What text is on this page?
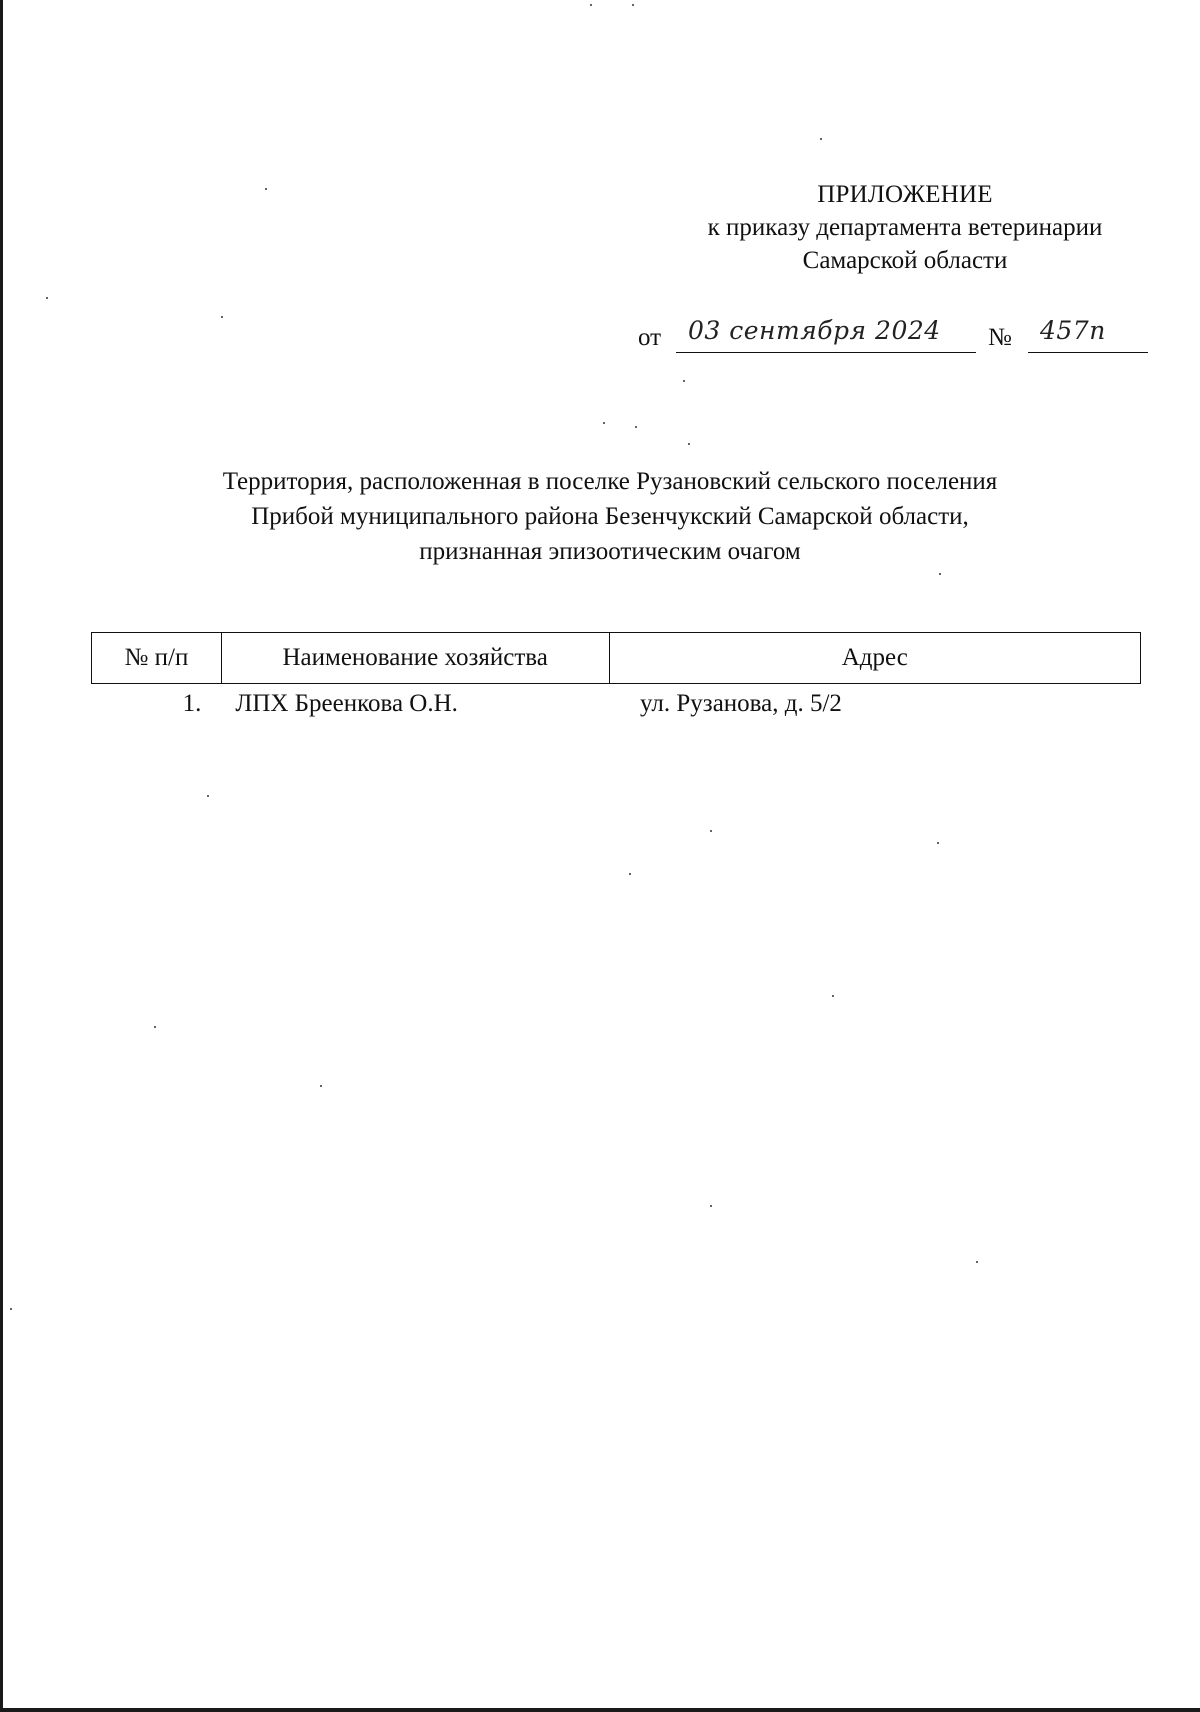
ПРИЛОЖЕНИЕ
к приказу департамента ветеринарии
Самарской области
от 03 сентября 2024 № 457п
Территория, расположенная в поселке Рузановский сельского поселения
Прибой муниципального района Безенчукский Самарской области,
признанная эпизоотическим очагом
№ п/п	Наименование хозяйства	Адрес
1.	ЛПХ Бреенкова О.Н.	ул. Рузанова, д. 5/2
